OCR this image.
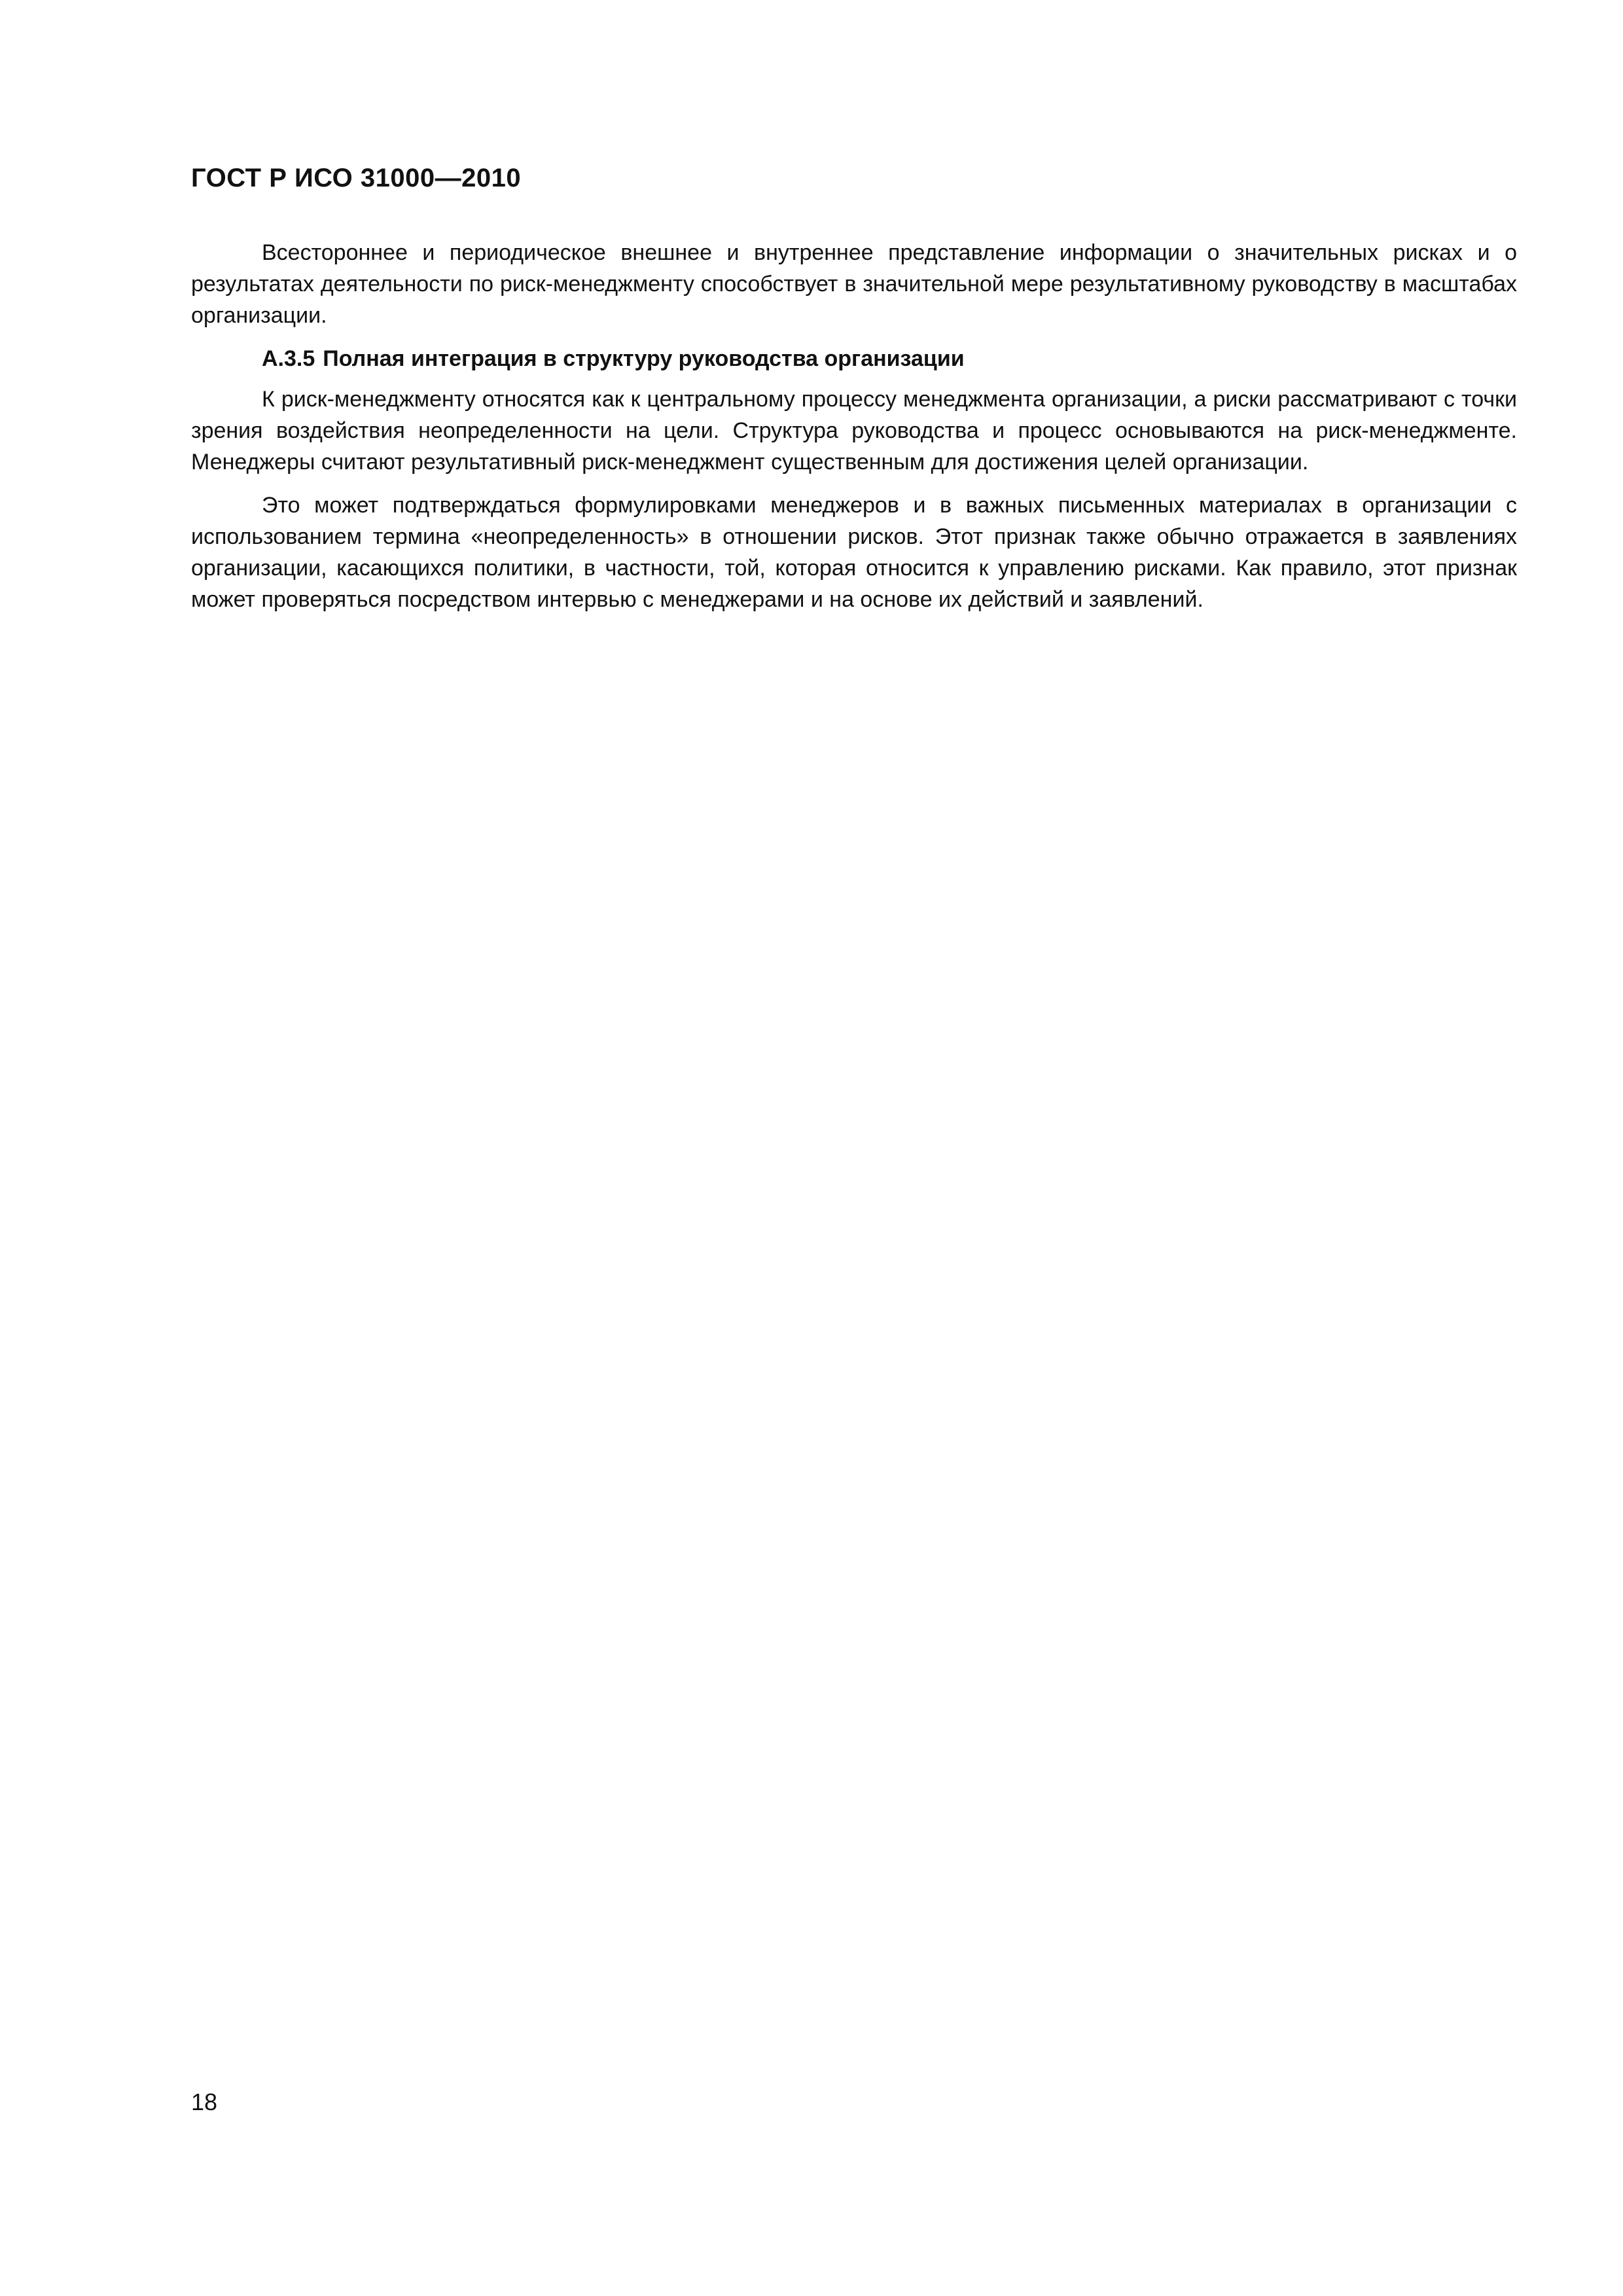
ГОСТ Р ИСО 31000—2010

Всестороннее и периодическое внешнее и внутреннее представление информации о значительных рисках и о результатах деятельности по риск-менеджменту способствует в значительной мере результативному руководству в масштабах организации.

А.3.5 Полная интеграция в структуру руководства организации

К риск-менеджменту относятся как к центральному процессу менеджмента организации, а риски рассматривают с точки зрения воздействия неопределенности на цели. Структура руководства и процесс основываются на риск-менеджменте. Менеджеры считают результативный риск-менеджмент существенным для достижения целей организации.

Это может подтверждаться формулировками менеджеров и в важных письменных материалах в организации с использованием термина «неопределенность» в отношении рисков. Этот признак также обычно отражается в заявлениях организации, касающихся политики, в частности, той, которая относится к управлению рисками. Как правило, этот признак может проверяться посредством интервью с менеджерами и на основе их действий и заявлений.

18
